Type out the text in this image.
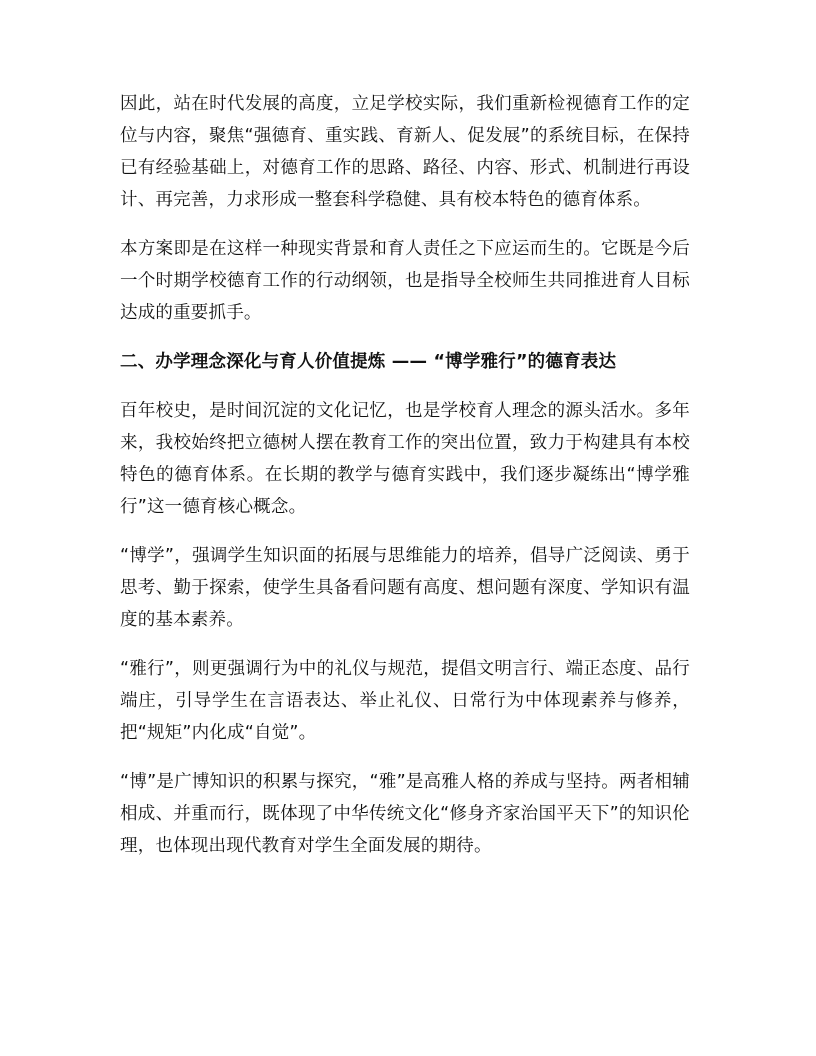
因此，站在时代发展的高度，立足学校实际，我们重新检视德育工作的定位与内容，聚焦“强德育、重实践、育新人、促发展”的系统目标，在保持已有经验基础上，对德育工作的思路、路径、内容、形式、机制进行再设计、再完善，力求形成一整套科学稳健、具有校本特色的德育体系。

本方案即是在这样一种现实背景和育人责任之下应运而生的。它既是今后一个时期学校德育工作的行动纲领，也是指导全校师生共同推进育人目标达成的重要抓手。

二、办学理念深化与育人价值提炼 —— “博学雅行”的德育表达

百年校史，是时间沉淀的文化记忆，也是学校育人理念的源头活水。多年来，我校始终把立德树人摆在教育工作的突出位置，致力于构建具有本校特色的德育体系。在长期的教学与德育实践中，我们逐步凝练出“博学雅行”这一德育核心概念。

“博学”，强调学生知识面的拓展与思维能力的培养，倡导广泛阅读、勇于思考、勤于探索，使学生具备看问题有高度、想问题有深度、学知识有温度的基本素养。

“雅行”，则更强调行为中的礼仪与规范，提倡文明言行、端正态度、品行端庄，引导学生在言语表达、举止礼仪、日常行为中体现素养与修养，把“规矩”内化成“自觉”。

“博”是广博知识的积累与探究，“雅”是高雅人格的养成与坚持。两者相辅相成、并重而行，既体现了中华传统文化“修身齐家治国平天下”的知识伦理，也体现出现代教育对学生全面发展的期待。
